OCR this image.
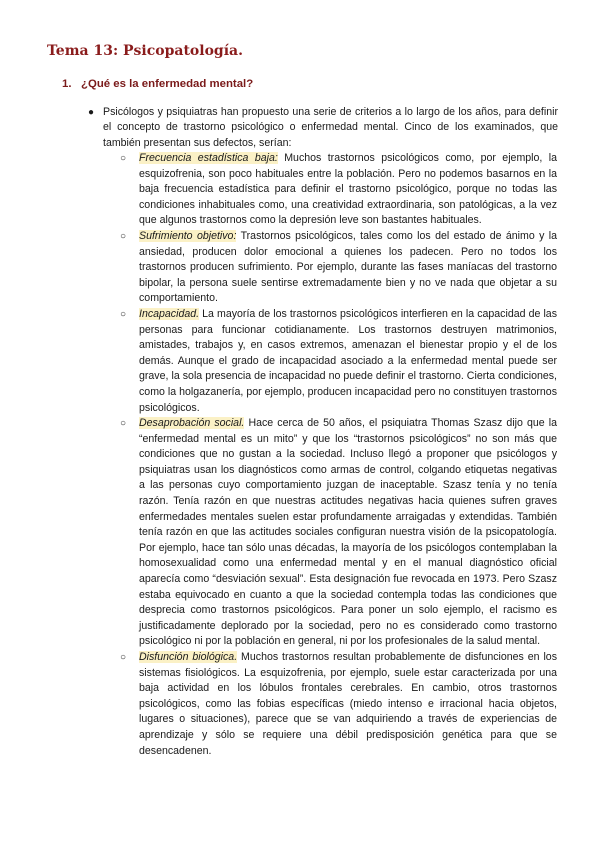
Tema 13: Psicopatología.
1. ¿Qué es la enfermedad mental?
● Psicólogos y psiquiatras han propuesto una serie de criterios a lo largo de los años, para definir el concepto de trastorno psicológico o enfermedad mental. Cinco de los examinados, que también presentan sus defectos, serían:

○ Frecuencia estadística baja: Muchos trastornos psicológicos como, por ejemplo, la esquizofrenia, son poco habituales entre la población. Pero no podemos basarnos en la baja frecuencia estadística para definir el trastorno psicológico, porque no todas las condiciones inhabituales como, una creatividad extraordinaria, son patológicas, a la vez que algunos trastornos como la depresión leve son bastantes habituales.

○ Sufrimiento objetivo: Trastornos psicológicos, tales como los del estado de ánimo y la ansiedad, producen dolor emocional a quienes los padecen. Pero no todos los trastornos producen sufrimiento. Por ejemplo, durante las fases maníacas del trastorno bipolar, la persona suele sentirse extremadamente bien y no ve nada que objetar a su comportamiento.

○ Incapacidad. La mayoría de los trastornos psicológicos interfieren en la capacidad de las personas para funcionar cotidianamente. Los trastornos destruyen matrimonios, amistades, trabajos y, en casos extremos, amenazan el bienestar propio y el de los demás. Aunque el grado de incapacidad asociado a la enfermedad mental puede ser grave, la sola presencia de incapacidad no puede definir el trastorno. Cierta condiciones, como la holgazanería, por ejemplo, producen incapacidad pero no constituyen trastornos psicológicos.

○ Desaprobación social. Hace cerca de 50 años, el psiquiatra Thomas Szasz dijo que la “enfermedad mental es un mito” y que los “trastornos psicológicos” no son más que condiciones que no gustan a la sociedad. Incluso llegó a proponer que psicólogos y psiquiatras usan los diagnósticos como armas de control, colgando etiquetas negativas a las personas cuyo comportamiento juzgan de inaceptable. Szasz tenía y no tenía razón. Tenía razón en que nuestras actitudes negativas hacia quienes sufren graves enfermedades mentales suelen estar profundamente arraigadas y extendidas. También tenía razón en que las actitudes sociales configuran nuestra visión de la psicopatología. Por ejemplo, hace tan sólo unas décadas, la mayoría de los psicólogos contemplaban la homosexualidad como una enfermedad mental y en el manual diagnóstico oficial aparecía como “desviación sexual”. Esta designación fue revocada en 1973. Pero Szasz estaba equivocado en cuanto a que la sociedad contempla todas las condiciones que desprecia como trastornos psicológicos. Para poner un solo ejemplo, el racismo es justificadamente deplorado por la sociedad, pero no es considerado como trastorno psicológico ni por la población en general, ni por los profesionales de la salud mental.

○ Disfunción biológica. Muchos trastornos resultan probablemente de disfunciones en los sistemas fisiológicos. La esquizofrenia, por ejemplo, suele estar caracterizada por una baja actividad en los lóbulos frontales cerebrales. En cambio, otros trastornos psicológicos, como las fobias específicas (miedo intenso e irracional hacia objetos, lugares o situaciones), parece que se van adquiriendo a través de experiencias de aprendizaje y sólo se requiere una débil predisposición genética para que se desencadenen.
